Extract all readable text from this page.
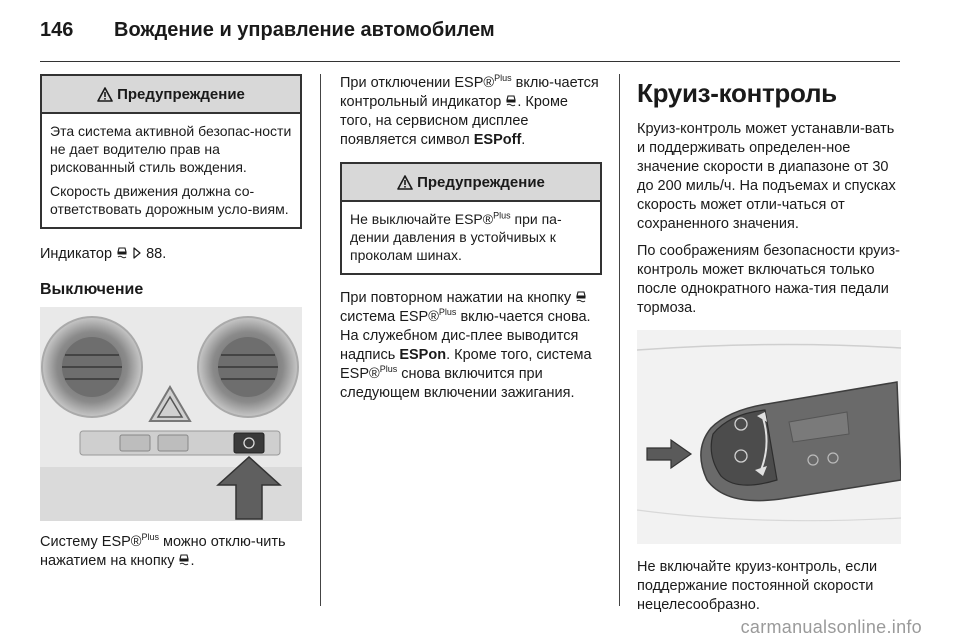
146	Вождение и управление автомобилем
Предупреждение

Эта система активной безопас-ности не дает водителю прав на рискованный стиль вождения.

Скорость движения должна со-ответствовать дорожным усло-виям.

Индикатор 88.

Выключение

Систему ESP®$^{Plus}$ можно отклю-чить нажатием на кнопку .

При отключении ESP®$^{Plus}$ вклю-чается контрольный индикатор . Кроме того, на сервисном дисплее появляется символ ESPoff.

Предупреждение

Не выключайте ESP®$^{Plus}$ при па-дении давления в устойчивых к проколам шинах.

При повторном нажатии на кнопку  система ESP®$^{Plus}$ вклю-чается снова. На служебном дис-плее выводится надпись ESPon. Кроме того, система ESP®$^{Plus}$ снова включится при следующем включении зажигания.

Круиз-контроль

Круиз-контроль может устанавли-вать и поддерживать определен-ное значение скорости в диапазоне от 30 до 200 миль/ч. На подъемах и спусках скорость может отли-чаться от сохраненного значения.

По соображениям безопасности круиз-контроль может включаться только после однократного нажа-тия педали тормоза.

Не включайте круиз-контроль, если поддержание постоянной скорости нецелесообразно.

carmanualsonline.info
